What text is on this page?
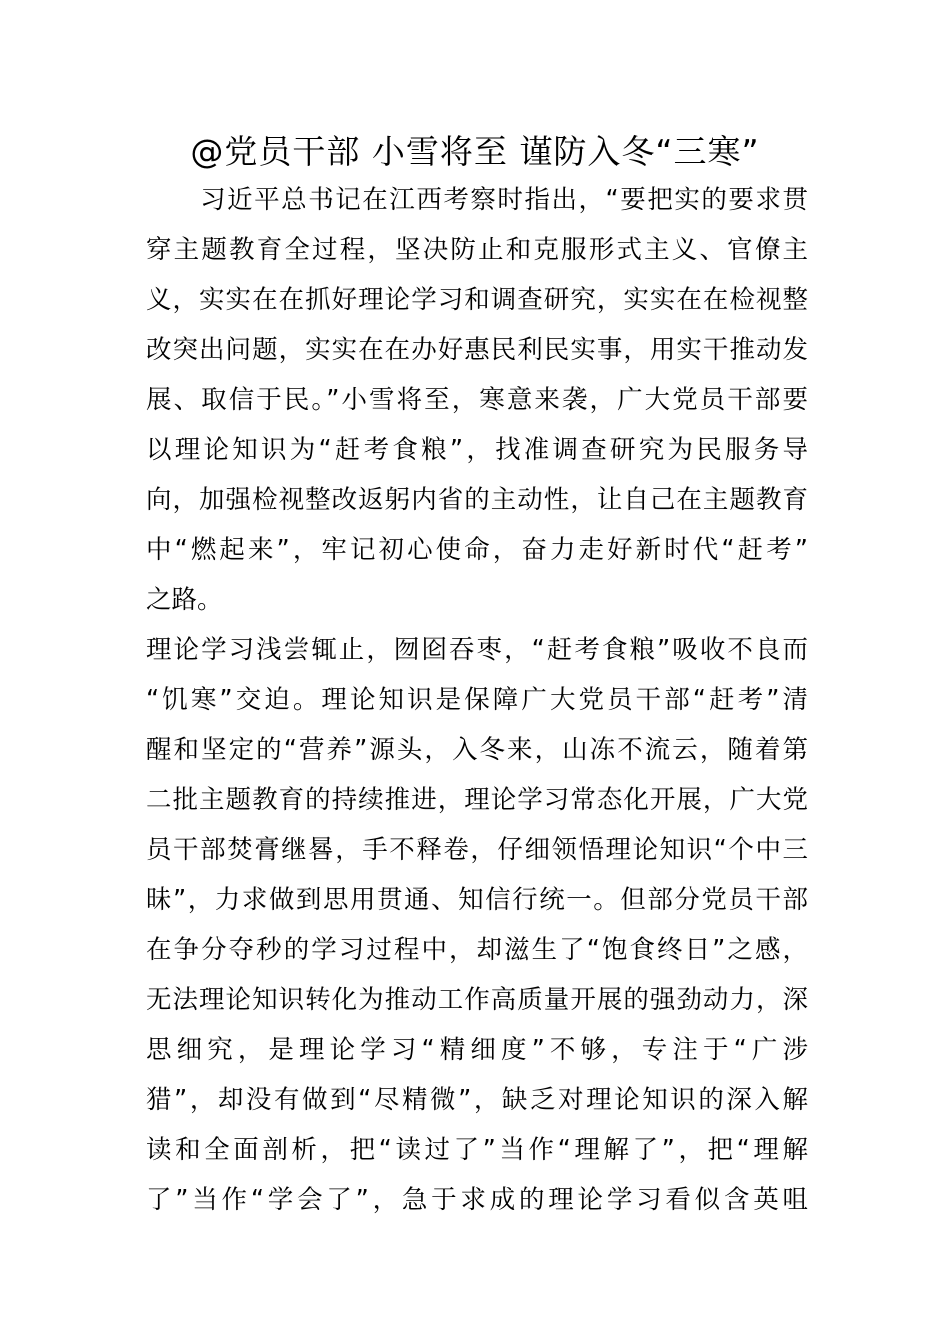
@党员干部 小雪将至 谨防入冬“三寒”
　　习近平总书记在江西考察时指出，“要把实的要求贯
穿主题教育全过程，坚决防止和克服形式主义、官僚主
义，实实在在抓好理论学习和调查研究，实实在在检视整
改突出问题，实实在在办好惠民利民实事，用实干推动发
展、取信于民。”小雪将至，寒意来袭，广大党员干部要
以理论知识为“赶考食粮”，找准调查研究为民服务导
向，加强检视整改返躬内省的主动性，让自己在主题教育
中“燃起来”，牢记初心使命，奋力走好新时代“赶考”
之路。
理论学习浅尝辄止，囫囵吞枣，“赶考食粮”吸收不良而
“饥寒”交迫。理论知识是保障广大党员干部“赶考”清
醒和坚定的“营养”源头，入冬来，山冻不流云，随着第
二批主题教育的持续推进，理论学习常态化开展，广大党
员干部焚膏继晷，手不释卷，仔细领悟理论知识“个中三
昧”，力求做到思用贯通、知信行统一。但部分党员干部
在争分夺秒的学习过程中，却滋生了“饱食终日”之感，
无法理论知识转化为推动工作高质量开展的强劲动力，深
思细究，是理论学习“精细度”不够，专注于“广涉
猎”，却没有做到“尽精微”，缺乏对理论知识的深入解
读和全面剖析，把“读过了”当作“理解了”，把“理解
了”当作“学会了”，急于求成的理论学习看似含英咀
